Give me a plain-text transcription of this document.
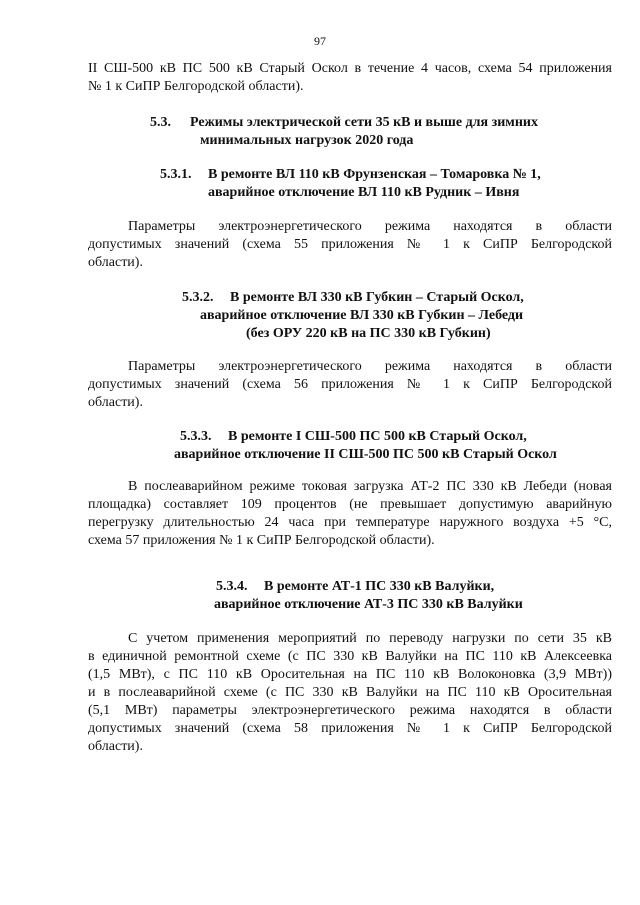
97
II СШ-500 кВ ПС 500 кВ Старый Оскол в течение 4 часов, схема 54 приложения
№ 1 к СиПР Белгородской области).
5.3. Режимы электрической сети 35 кВ и выше для зимних
минимальных нагрузок 2020 года
5.3.1. В ремонте ВЛ 110 кВ Фрунзенская – Томаровка № 1,
аварийное отключение ВЛ 110 кВ Рудник – Ивня
Параметры электроэнергетического режима находятся в области
допустимых значений (схема 55 приложения № 1 к СиПР Белгородской
области).
5.3.2. В ремонте ВЛ 330 кВ Губкин – Старый Оскол,
аварийное отключение ВЛ 330 кВ Губкин – Лебеди
(без ОРУ 220 кВ на ПС 330 кВ Губкин)
Параметры электроэнергетического режима находятся в области
допустимых значений (схема 56 приложения № 1 к СиПР Белгородской
области).
5.3.3. В ремонте I СШ-500 ПС 500 кВ Старый Оскол,
аварийное отключение II СШ-500 ПС 500 кВ Старый Оскол
В послеаварийном режиме токовая загрузка АТ-2 ПС 330 кВ Лебеди (новая
площадка) составляет 109 процентов (не превышает допустимую аварийную
перегрузку длительностью 24 часа при температуре наружного воздуха +5 °С,
схема 57 приложения № 1 к СиПР Белгородской области).
5.3.4. В ремонте АТ-1 ПС 330 кВ Валуйки,
аварийное отключение АТ-3 ПС 330 кВ Валуйки
С учетом применения мероприятий по переводу нагрузки по сети 35 кВ
в единичной ремонтной схеме (с ПС 330 кВ Валуйки на ПС 110 кВ Алексеевка
(1,5 МВт), с ПС 110 кВ Оросительная на ПС 110 кВ Волоконовка (3,9 МВт))
и в послеаварийной схеме (с ПС 330 кВ Валуйки на ПС 110 кВ Оросительная
(5,1 МВт) параметры электроэнергетического режима находятся в области
допустимых значений (схема 58 приложения № 1 к СиПР Белгородской
области).
